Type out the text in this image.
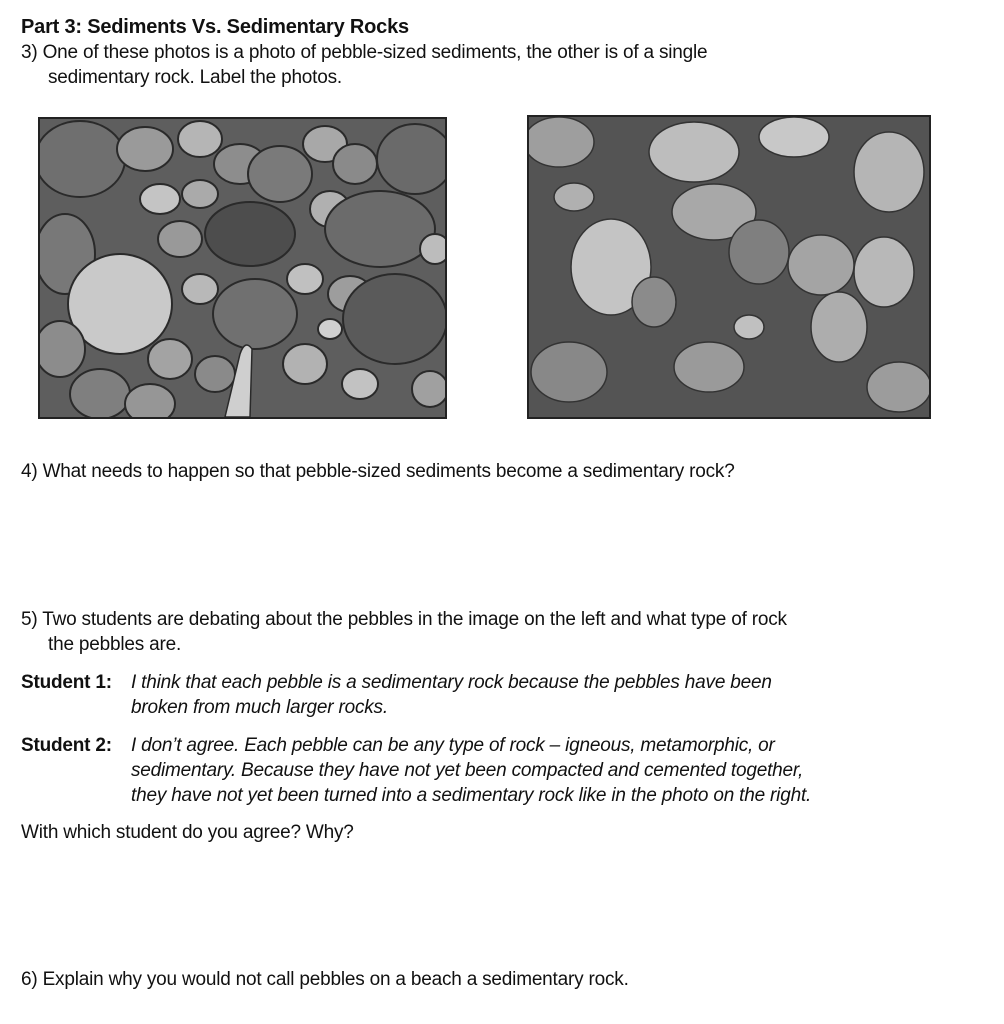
Part 3: Sediments Vs. Sedimentary Rocks
3) One of these photos is a photo of pebble-sized sediments, the other is of a single
sedimentary rock. Label the photos.
4) What needs to happen so that pebble-sized sediments become a sedimentary rock?
5) Two students are debating about the pebbles in the image on the left and what type of rock
the pebbles are.
Student 1: I think that each pebble is a sedimentary rock because the pebbles have been
broken from much larger rocks.
Student 2: I don’t agree. Each pebble can be any type of rock – igneous, metamorphic, or
sedimentary. Because they have not yet been compacted and cemented together,
they have not yet been turned into a sedimentary rock like in the photo on the right.
With which student do you agree? Why?
6) Explain why you would not call pebbles on a beach a sedimentary rock.
